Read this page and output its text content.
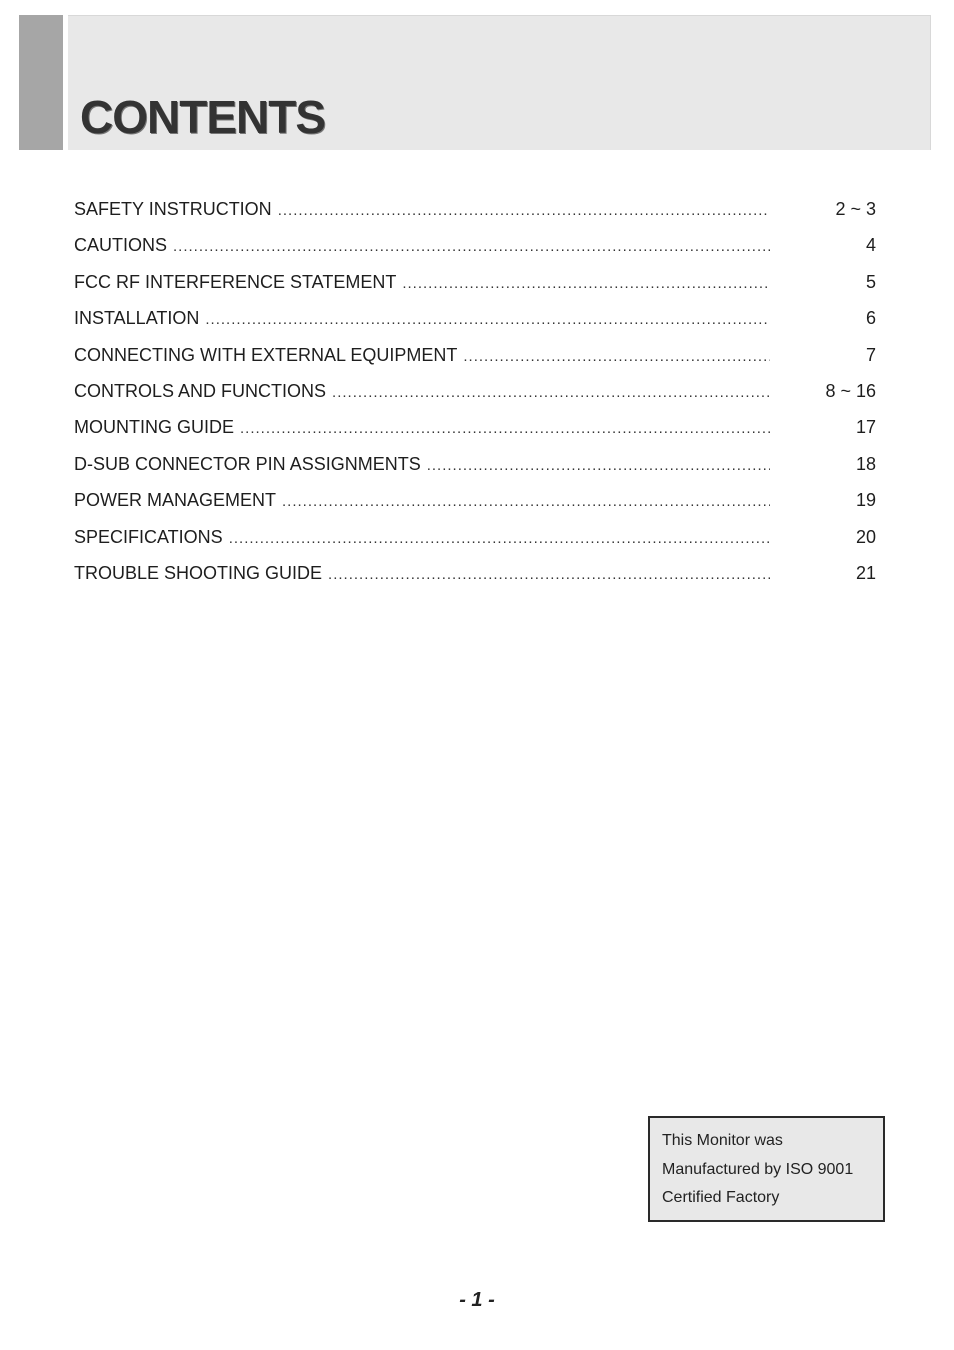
CONTENTS
SAFETY INSTRUCTION .....	2 ~ 3
CAUTIONS .....	4
FCC RF INTERFERENCE STATEMENT .....	5
INSTALLATION .....	6
CONNECTING WITH EXTERNAL EQUIPMENT .....	7
CONTROLS AND FUNCTIONS .....	8 ~ 16
MOUNTING GUIDE .....	17
D-SUB CONNECTOR PIN ASSIGNMENTS .....	18
POWER MANAGEMENT .....	19
SPECIFICATIONS .....	20
TROUBLE SHOOTING GUIDE .....	21
This Monitor was
Manufactured by ISO 9001
Certified Factory
- 1 -
